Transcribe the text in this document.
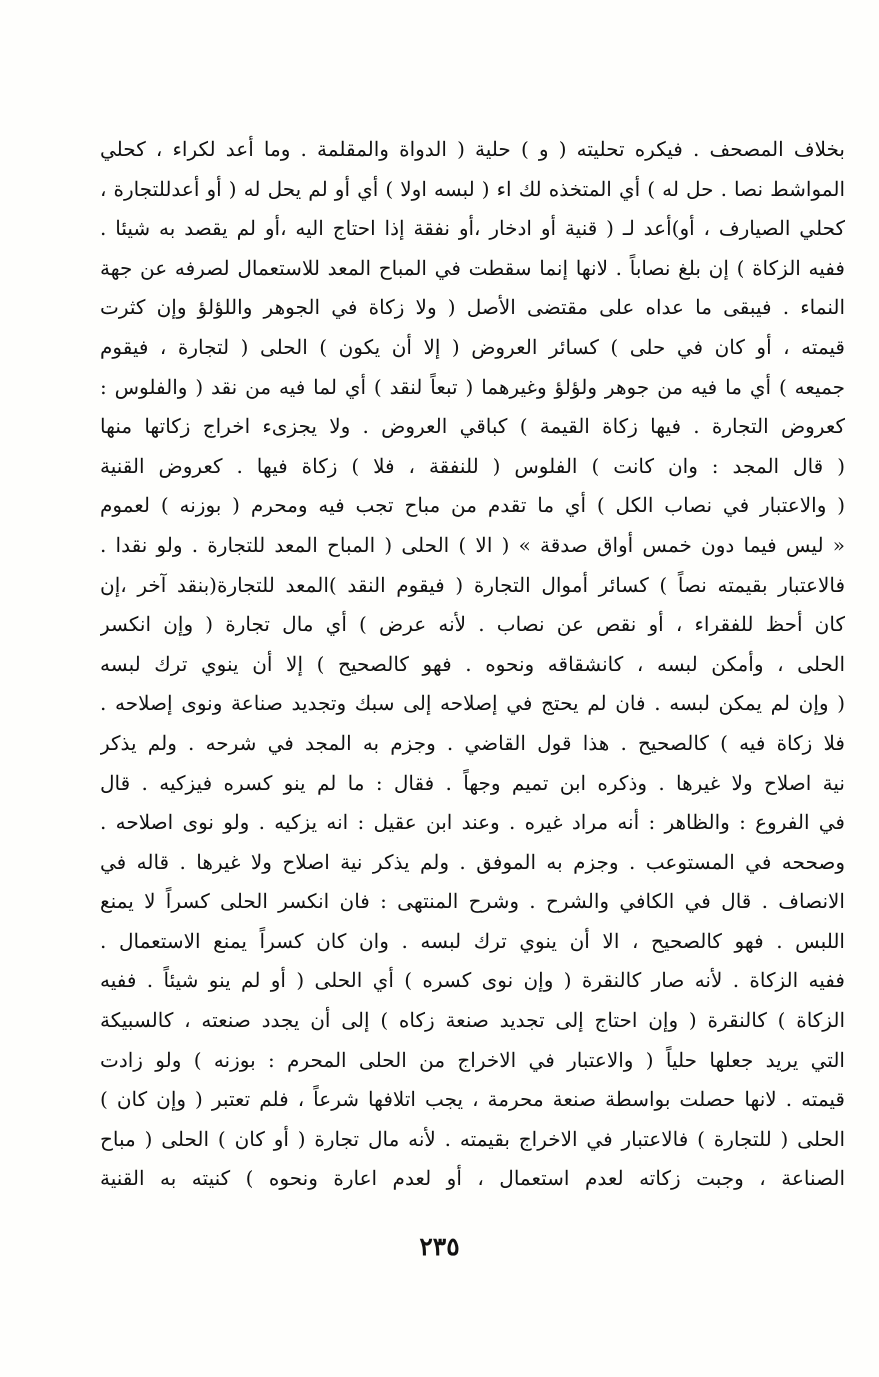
بخلاف المصحف . فيكره تحليته ( و ) حلية ( الدواة والمقلمة . وما أعد لكراء ، كحلي
المواشط نصا . حل له ) أي المتخذه لك اء ( لبسه اولا ) أي أو لم يحل له ( أو أعدللتجارة ،
كحلي الصيارف ، أو)أعد لـ ( قنية أو ادخار ،أو نفقة إذا احتاج اليه ،أو لم يقصد به شيئا .
ففيه الزكاة ) إن بلغ نصاباً . لانها إنما سقطت في المباح المعد للاستعمال لصرفه عن جهة
النماء . فيبقى ما عداه على مقتضى الأصل ( ولا زكاة في الجوهر واللؤلؤ وإن كثرت
قيمته ، أو كان في حلى ) كسائر العروض ( إلا أن يكون ) الحلى ( لتجارة ، فيقوم
جميعه ) أي ما فيه من جوهر ولؤلؤ وغيرهما ( تبعاً لنقد ) أي لما فيه من نقد ( والفلوس :
كعروض التجارة . فيها زكاة القيمة ) كباقي العروض . ولا يجزىء اخراج زكاتها منها
( قال المجد : وان كانت ) الفلوس ( للنفقة ، فلا ) زكاة فيها . كعروض القنية
( والاعتبار في نصاب الكل ) أي ما تقدم من مباح تجب فيه ومحرم ( بوزنه ) لعموم
« ليس فيما دون خمس أواق صدقة » ( الا ) الحلى ( المباح المعد للتجارة . ولو نقدا .
فالاعتبار بقيمته نصاً ) كسائر أموال التجارة ( فيقوم النقد )المعد للتجارة(بنقد آخر ،إن
كان أحظ للفقراء ، أو نقص عن نصاب . لأنه عرض ) أي مال تجارة ( وإن انكسر
الحلى ، وأمكن لبسه ، كانشقاقه ونحوه . فهو كالصحيح ) إلا أن ينوي ترك لبسه
( وإن لم يمكن لبسه . فان لم يحتج في إصلاحه إلى سبك وتجديد صناعة ونوى إصلاحه .
فلا زكاة فيه ) كالصحيح . هذا قول القاضي . وجزم به المجد في شرحه . ولم يذكر
نية اصلاح ولا غيرها . وذكره ابن تميم وجهاً . فقال : ما لم ينو كسره فيزكيه . قال
في الفروع : والظاهر : أنه مراد غيره . وعند ابن عقيل : انه يزكيه . ولو نوى اصلاحه .
وصححه في المستوعب . وجزم به الموفق . ولم يذكر نية اصلاح ولا غيرها . قاله في
الانصاف . قال في الكافي والشرح . وشرح المنتهى : فان انكسر الحلى كسراً لا يمنع
اللبس . فهو كالصحيح ، الا أن ينوي ترك لبسه . وان كان كسراً يمنع الاستعمال .
ففيه الزكاة . لأنه صار كالنقرة ( وإن نوى كسره ) أي الحلى ( أو لم ينو شيئاً . ففيه
الزكاة ) كالنقرة ( وإن احتاج إلى تجديد صنعة زكاه ) إلى أن يجدد صنعته ، كالسبيكة
التي يريد جعلها حلياً ( والاعتبار في الاخراج من الحلى المحرم : بوزنه ) ولو زادت
قيمته . لانها حصلت بواسطة صنعة محرمة ، يجب اتلافها شرعاً ، فلم تعتبر ( وإن كان )
الحلى ( للتجارة ) فالاعتبار في الاخراج بقيمته . لأنه مال تجارة ( أو كان ) الحلى ( مباح
الصناعة ، وجبت زكاته لعدم استعمال ، أو لعدم اعارة ونحوه ) كنيته به القنية
٢٣٥
